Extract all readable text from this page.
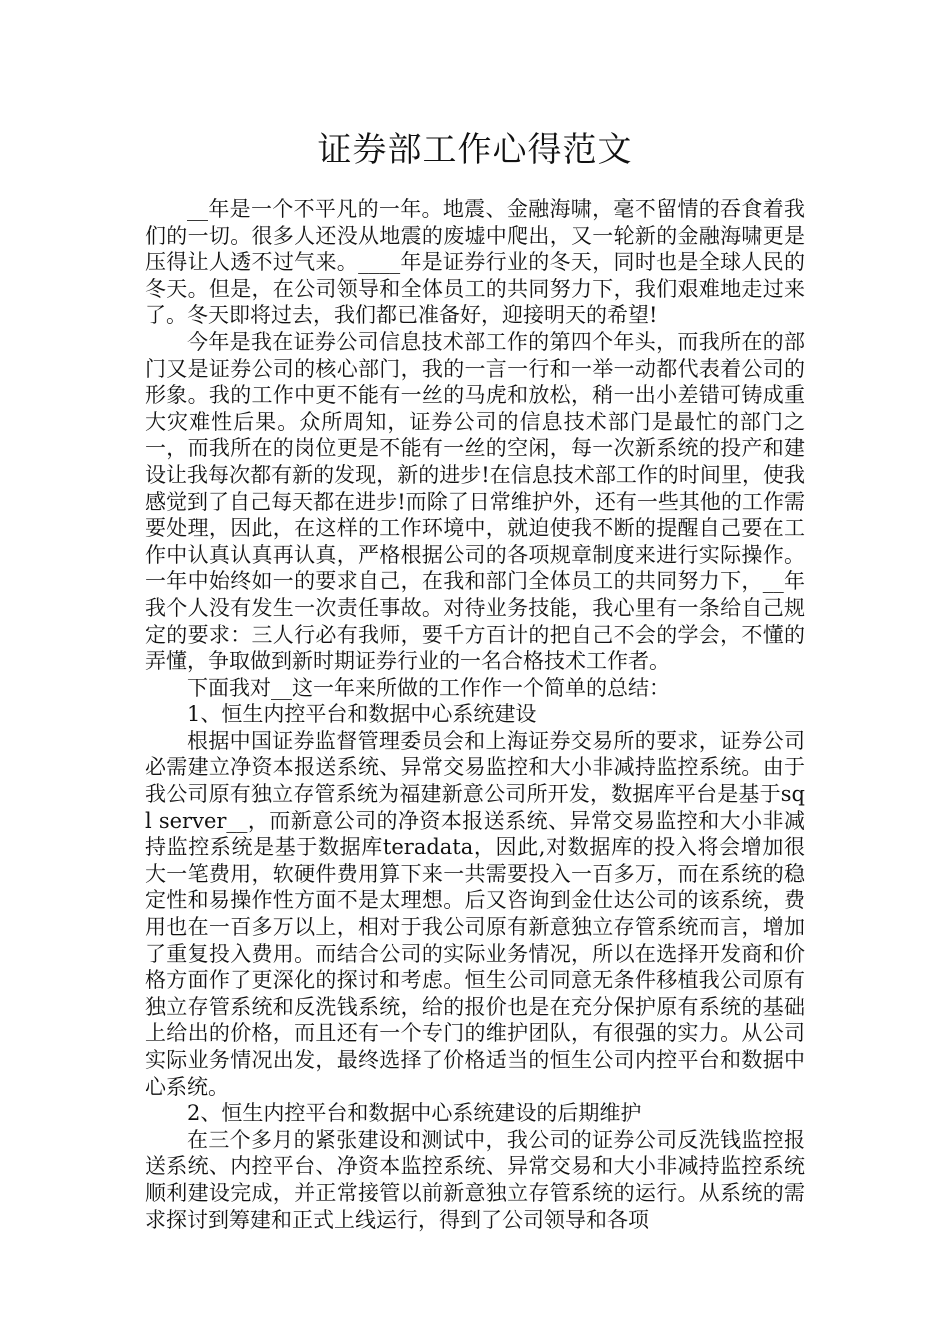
证券部工作心得范文

__年是一个不平凡的一年。地震、金融海啸，毫不留情的吞食着我们的一切。很多人还没从地震的废墟中爬出，又一轮新的金融海啸更是压得让人透不过气来。____年是证券行业的冬天，同时也是全球人民的冬天。但是，在公司领导和全体员工的共同努力下，我们艰难地走过来了。冬天即将过去，我们都已准备好，迎接明天的希望!

今年是我在证券公司信息技术部工作的第四个年头，而我所在的部门又是证券公司的核心部门，我的一言一行和一举一动都代表着公司的形象。我的工作中更不能有一丝的马虎和放松，稍一出小差错可铸成重大灾难性后果。众所周知，证券公司的信息技术部门是最忙的部门之一，而我所在的岗位更是不能有一丝的空闲，每一次新系统的投产和建设让我每次都有新的发现，新的进步!在信息技术部工作的时间里，使我感觉到了自己每天都在进步!而除了日常维护外，还有一些其他的工作需要处理，因此，在这样的工作环境中，就迫使我不断的提醒自己要在工作中认真认真再认真，严格根据公司的各项规章制度来进行实际操作。一年中始终如一的要求自己，在我和部门全体员工的共同努力下，__年我个人没有发生一次责任事故。对待业务技能，我心里有一条给自己规定的要求：三人行必有我师，要千方百计的把自己不会的学会，不懂的弄懂，争取做到新时期证券行业的一名合格技术工作者。

下面我对__这一年来所做的工作作一个简单的总结：

1、恒生内控平台和数据中心系统建设

根据中国证券监督管理委员会和上海证券交易所的要求，证券公司必需建立净资本报送系统、异常交易监控和大小非减持监控系统。由于我公司原有独立存管系统为福建新意公司所开发，数据库平台是基于sql server__，而新意公司的净资本报送系统、异常交易监控和大小非减持监控系统是基于数据库teradata，因此,对数据库的投入将会增加很大一笔费用，软硬件费用算下来一共需要投入一百多万，而在系统的稳定性和易操作性方面不是太理想。后又咨询到金仕达公司的该系统，费用也在一百多万以上，相对于我公司原有新意独立存管系统而言，增加了重复投入费用。而结合公司的实际业务情况，所以在选择开发商和价格方面作了更深化的探讨和考虑。恒生公司同意无条件移植我公司原有独立存管系统和反洗钱系统，给的报价也是在充分保护原有系统的基础上给出的价格，而且还有一个专门的维护团队，有很强的实力。从公司实际业务情况出发，最终选择了价格适当的恒生公司内控平台和数据中心系统。

2、恒生内控平台和数据中心系统建设的后期维护

在三个多月的紧张建设和测试中，我公司的证券公司反洗钱监控报送系统、内控平台、净资本监控系统、异常交易和大小非减持监控系统顺利建设完成，并正常接管以前新意独立存管系统的运行。从系统的需求探讨到筹建和正式上线运行，得到了公司领导和各项
